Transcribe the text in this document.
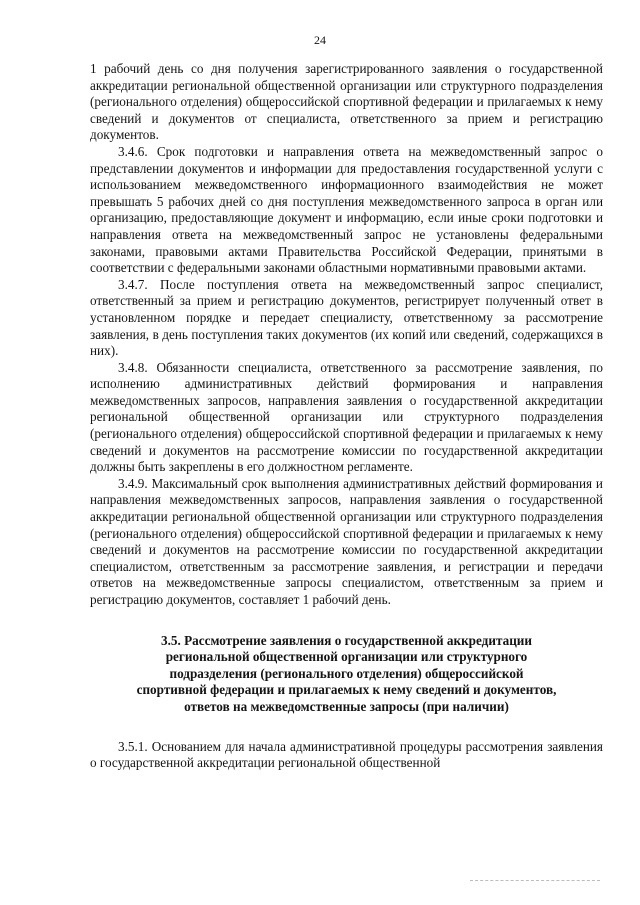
24

1 рабочий день со дня получения зарегистрированного заявления о государственной аккредитации региональной общественной организации или структурного подразделения (регионального отделения) общероссийской спортивной федерации и прилагаемых к нему сведений и документов от специалиста, ответственного за прием и регистрацию документов.

3.4.6. Срок подготовки и направления ответа на межведомственный запрос о представлении документов и информации для предоставления государственной услуги с использованием межведомственного информационного взаимодействия не может превышать 5 рабочих дней со дня поступления межведомственного запроса в орган или организацию, предоставляющие документ и информацию, если иные сроки подготовки и направления ответа на межведомственный запрос не установлены федеральными законами, правовыми актами Правительства Российской Федерации, принятыми в соответствии с федеральными законами областными нормативными правовыми актами.

3.4.7. После поступления ответа на межведомственный запрос специалист, ответственный за прием и регистрацию документов, регистрирует полученный ответ в установленном порядке и передает специалисту, ответственному за рассмотрение заявления, в день поступления таких документов (их копий или сведений, содержащихся в них).

3.4.8. Обязанности специалиста, ответственного за рассмотрение заявления, по исполнению административных действий формирования и направления межведомственных запросов, направления заявления о государственной аккредитации региональной общественной организации или структурного подразделения (регионального отделения) общероссийской спортивной федерации и прилагаемых к нему сведений и документов на рассмотрение комиссии по государственной аккредитации должны быть закреплены в его должностном регламенте.

3.4.9. Максимальный срок выполнения административных действий формирования и направления межведомственных запросов, направления заявления о государственной аккредитации региональной общественной организации или структурного подразделения (регионального отделения) общероссийской спортивной федерации и прилагаемых к нему сведений и документов на рассмотрение комиссии по государственной аккредитации специалистом, ответственным за рассмотрение заявления, и регистрации и передачи ответов на межведомственные запросы специалистом, ответственным за прием и регистрацию документов, составляет 1 рабочий день.

3.5. Рассмотрение заявления о государственной аккредитации
региональной общественной организации или структурного
подразделения (регионального отделения) общероссийской
спортивной федерации и прилагаемых к нему сведений и документов,
ответов на межведомственные запросы (при наличии)

3.5.1. Основанием для начала административной процедуры рассмотрения заявления о государственной аккредитации региональной общественной
